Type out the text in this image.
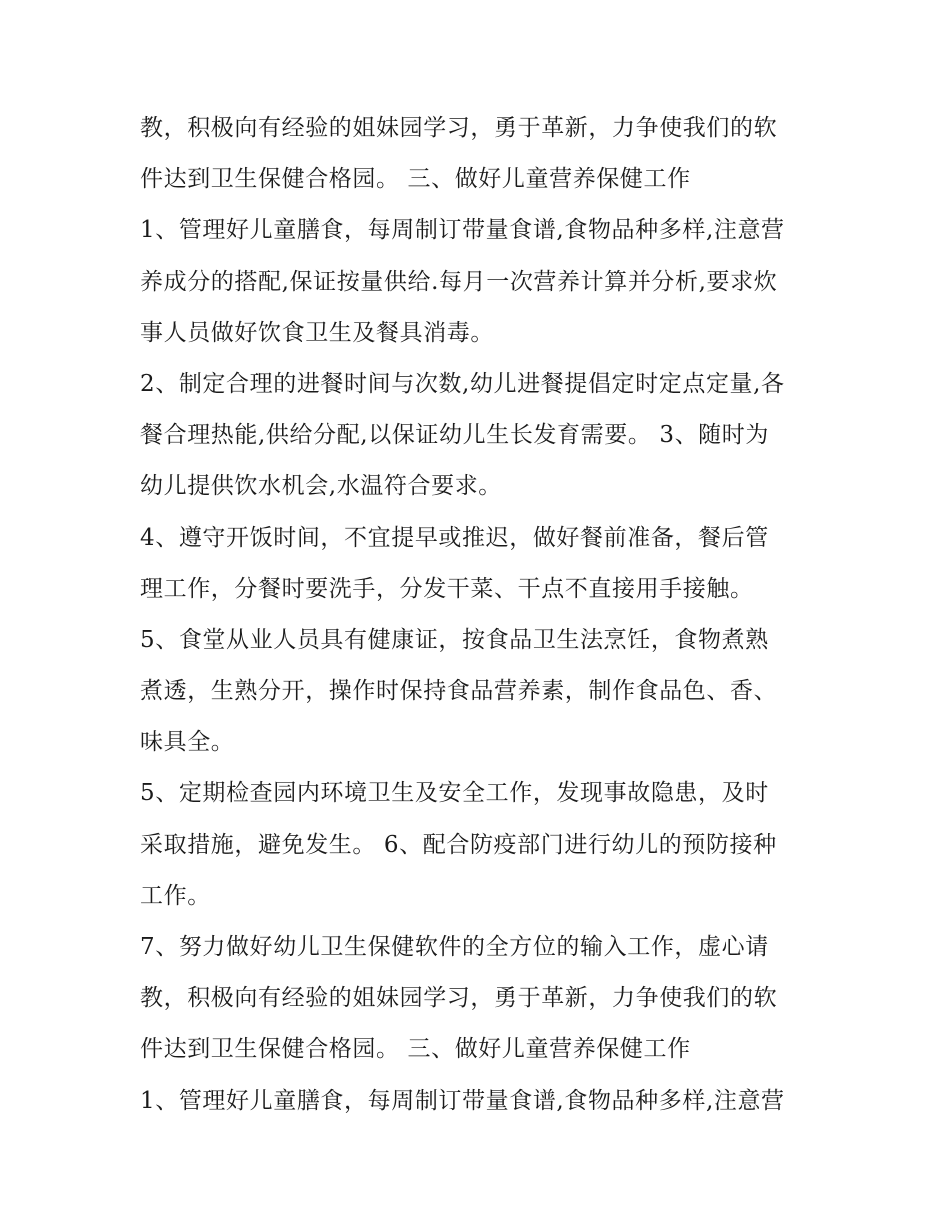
教，积极向有经验的姐妹园学习，勇于革新，力争使我们的软
件达到卫生保健合格园。 三、做好儿童营养保健工作
1、管理好儿童膳食，每周制订带量食谱,食物品种多样,注意营
养成分的搭配,保证按量供给.每月一次营养计算并分析,要求炊
事人员做好饮食卫生及餐具消毒。
2、制定合理的进餐时间与次数,幼儿进餐提倡定时定点定量,各
餐合理热能,供给分配,以保证幼儿生长发育需要。 3、随时为
幼儿提供饮水机会,水温符合要求。
4、遵守开饭时间，不宜提早或推迟，做好餐前准备，餐后管
理工作，分餐时要洗手，分发干菜、干点不直接用手接触。
5、食堂从业人员具有健康证，按食品卫生法烹饪，食物煮熟
煮透，生熟分开，操作时保持食品营养素，制作食品色、香、
味具全。
5、定期检查园内环境卫生及安全工作，发现事故隐患，及时
采取措施，避免发生。 6、配合防疫部门进行幼儿的预防接种
工作。
7、努力做好幼儿卫生保健软件的全方位的输入工作，虚心请
教，积极向有经验的姐妹园学习，勇于革新，力争使我们的软
件达到卫生保健合格园。 三、做好儿童营养保健工作
1、管理好儿童膳食，每周制订带量食谱,食物品种多样,注意营
